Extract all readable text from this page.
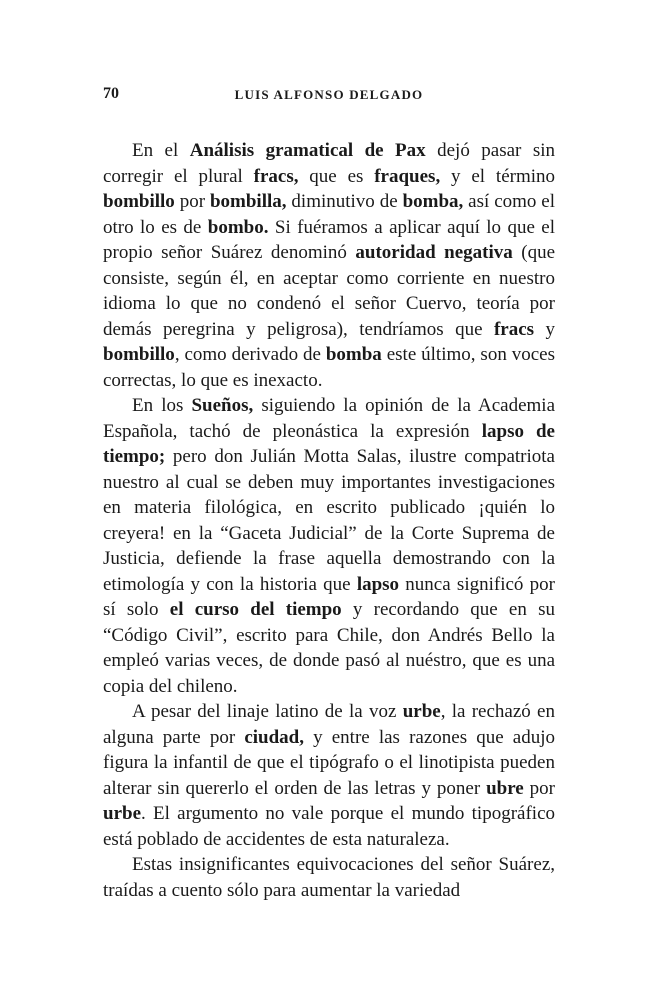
70	LUIS ALFONSO DELGADO

En el Análisis gramatical de Pax dejó pasar sin corregir el plural fracs, que es fraques, y el término bombillo por bombilla, diminutivo de bomba, así como el otro lo es de bombo. Si fuéramos a aplicar aquí lo que el propio señor Suárez denominó autoridad negativa (que consiste, según él, en aceptar como corriente en nuestro idioma lo que no condenó el señor Cuervo, teoría por demás peregrina y peligrosa), tendríamos que fracs y bombillo, como derivado de bomba este último, son voces correctas, lo que es inexacto.

En los Sueños, siguiendo la opinión de la Academia Española, tachó de pleonástica la expresión lapso de tiempo; pero don Julián Motta Salas, ilustre compatriota nuestro al cual se deben muy importantes investigaciones en materia filológica, en escrito publicado ¡quién lo creyera! en la “Gaceta Judicial” de la Corte Suprema de Justicia, defiende la frase aquella demostrando con la etimología y con la historia que lapso nunca significó por sí solo el curso del tiempo y recordando que en su “Código Civil”, escrito para Chile, don Andrés Bello la empleó varias veces, de donde pasó al nuéstro, que es una copia del chileno.

A pesar del linaje latino de la voz urbe, la rechazó en alguna parte por ciudad, y entre las razones que adujo figura la infantil de que el tipógrafo o el linotipista pueden alterar sin quererlo el orden de las letras y poner ubre por urbe. El argumento no vale porque el mundo tipográfico está poblado de accidentes de esta naturaleza.

Estas insignificantes equivocaciones del señor Suárez, traídas a cuento sólo para aumentar la variedad
